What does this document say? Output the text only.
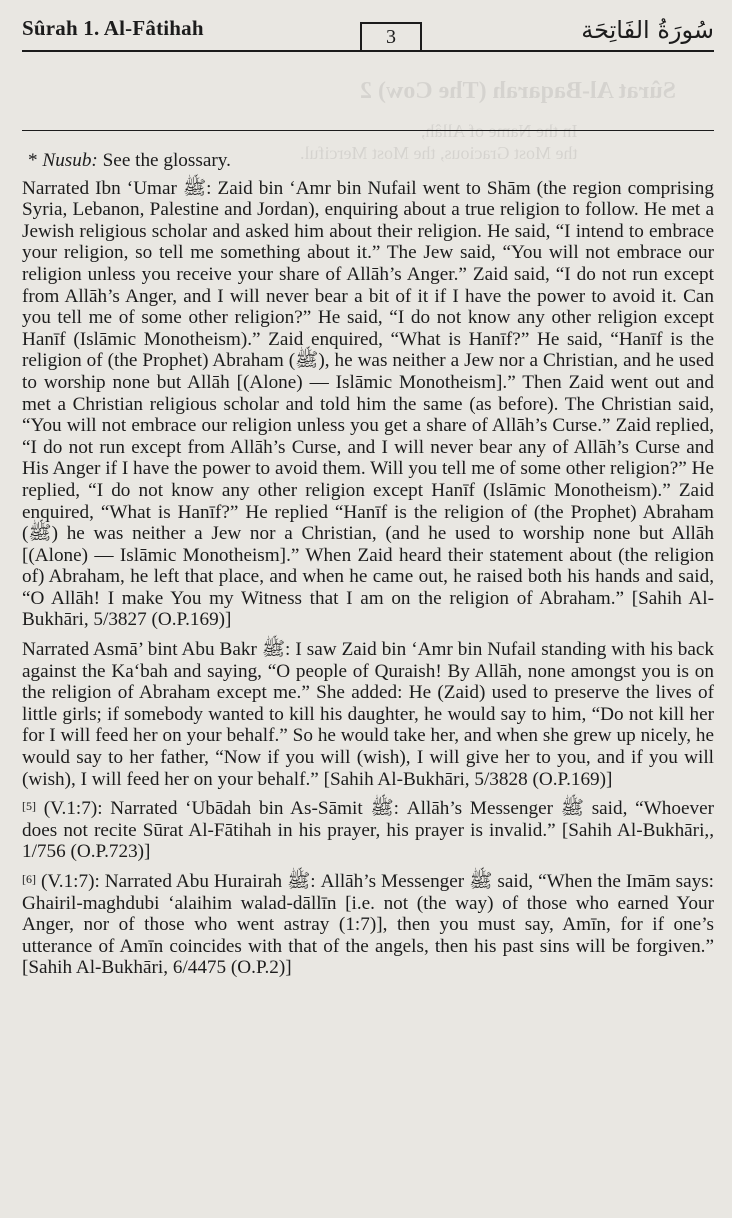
Sûrat Al-Baqarah (The Cow) 2
In the Name of Allâh,
the Most Gracious, the Most Merciful.
Sûrah 1. Al-Fâtihah	3	سُورَةُ الفَاتِحَة

* Nusub: See the glossary.

Narrated Ibn ‘Umar ﷺ: Zaid bin ‘Amr bin Nufail went to Shām (the region comprising Syria, Lebanon, Palestine and Jordan), enquiring about a true religion to follow. He met a Jewish religious scholar and asked him about their religion. He said, “I intend to embrace your religion, so tell me something about it.” The Jew said, “You will not embrace our religion unless you receive your share of Allāh’s Anger.” Zaid said, “I do not run except from Allāh’s Anger, and I will never bear a bit of it if I have the power to avoid it. Can you tell me of some other religion?” He said, “I do not know any other religion except Hanīf (Islāmic Monotheism).” Zaid enquired, “What is Hanīf?” He said, “Hanīf is the religion of (the Prophet) Abraham (ﷺ), he was neither a Jew nor a Christian, and he used to worship none but Allāh [(Alone) — Islāmic Monotheism].” Then Zaid went out and met a Christian religious scholar and told him the same (as before). The Christian said, “You will not embrace our religion unless you get a share of Allāh’s Curse.” Zaid replied, “I do not run except from Allāh’s Curse, and I will never bear any of Allāh’s Curse and His Anger if I have the power to avoid them. Will you tell me of some other religion?” He replied, “I do not know any other religion except Hanīf (Islāmic Monotheism).” Zaid enquired, “What is Hanīf?” He replied “Hanīf is the religion of (the Prophet) Abraham (ﷺ) he was neither a Jew nor a Christian, (and he used to worship none but Allāh [(Alone) — Islāmic Monotheism].” When Zaid heard their statement about (the religion of) Abraham, he left that place, and when he came out, he raised both his hands and said, “O Allāh! I make You my Witness that I am on the religion of Abraham.” [Sahih Al-Bukhāri, 5/3827 (O.P.169)]

Narrated Asmā’ bint Abu Bakr ﷺ: I saw Zaid bin ‘Amr bin Nufail standing with his back against the Ka‘bah and saying, “O people of Quraish! By Allāh, none amongst you is on the religion of Abraham except me.” She added: He (Zaid) used to preserve the lives of little girls; if somebody wanted to kill his daughter, he would say to him, “Do not kill her for I will feed her on your behalf.” So he would take her, and when she grew up nicely, he would say to her father, “Now if you will (wish), I will give her to you, and if you will (wish), I will feed her on your behalf.” [Sahih Al-Bukhāri, 5/3828 (O.P.169)]

[5] (V.1:7): Narrated ‘Ubādah bin As-Sāmit ﷺ: Allāh’s Messenger ﷺ said, “Whoever does not recite Sūrat Al-Fātihah in his prayer, his prayer is invalid.” [Sahih Al-Bukhāri,, 1/756 (O.P.723)]

[6] (V.1:7): Narrated Abu Hurairah ﷺ: Allāh’s Messenger ﷺ said, “When the Imām says: Ghairil-maghdubi ‘alaihim walad-dāllīn [i.e. not (the way) of those who earned Your Anger, nor of those who went astray (1:7)], then you must say, Amīn, for if one’s utterance of Amīn coincides with that of the angels, then his past sins will be forgiven.” [Sahih Al-Bukhāri, 6/4475 (O.P.2)]
